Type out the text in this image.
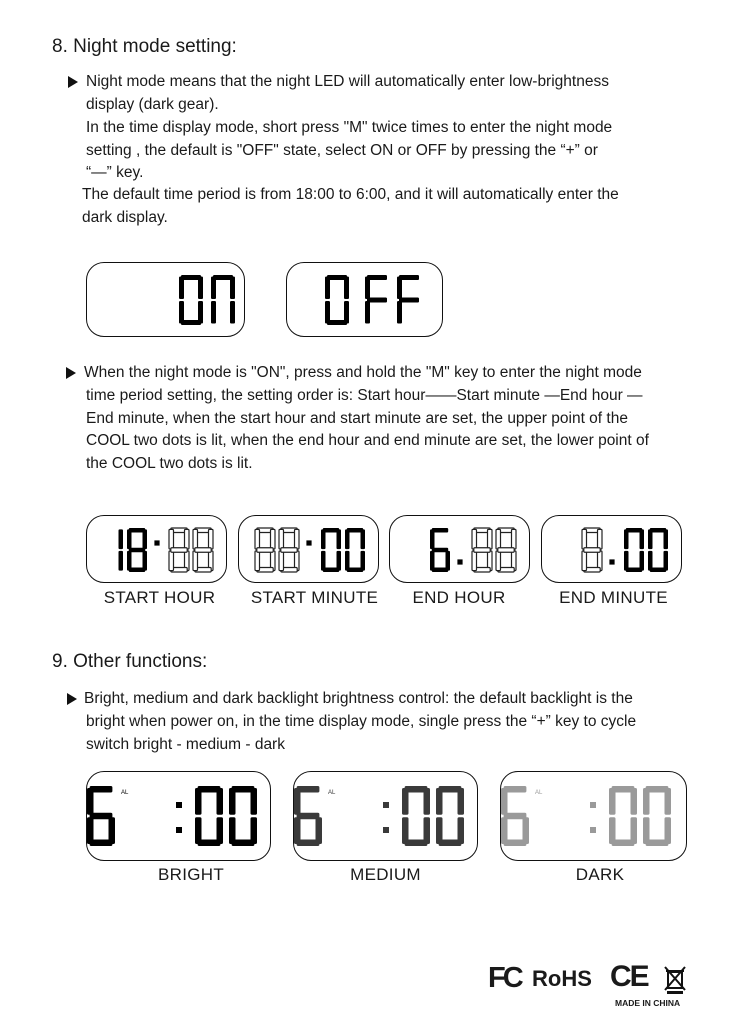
8. Night mode setting:
Night mode means that the night LED will automatically enter low-brightness
display (dark gear).
In the time display mode, short press "M" twice times to enter the night mode
setting , the default is "OFF" state, select ON or OFF by pressing the “+” or
“—” key.
The default time period is from 18:00 to 6:00, and it will automatically enter the
dark display.
When the night mode is "ON", press and hold the "M" key to enter the night mode
time period setting, the setting order is: Start hour——Start minute —End hour —
End minute, when the start hour and start minute are set, the upper point of the
COOL two dots is lit, when the end hour and end minute are set, the lower point of
the COOL two dots is lit.
START HOUR	START MINUTE	END HOUR	END MINUTE
9. Other functions:
Bright, medium and dark backlight brightness control: the default backlight is the
bright when power on, in the time display mode, single press the “+” key to cycle
switch bright - medium - dark
AL	AL	AL
BRIGHT	MEDIUM	DARK
FC RoHS CE
MADE IN CHINA
